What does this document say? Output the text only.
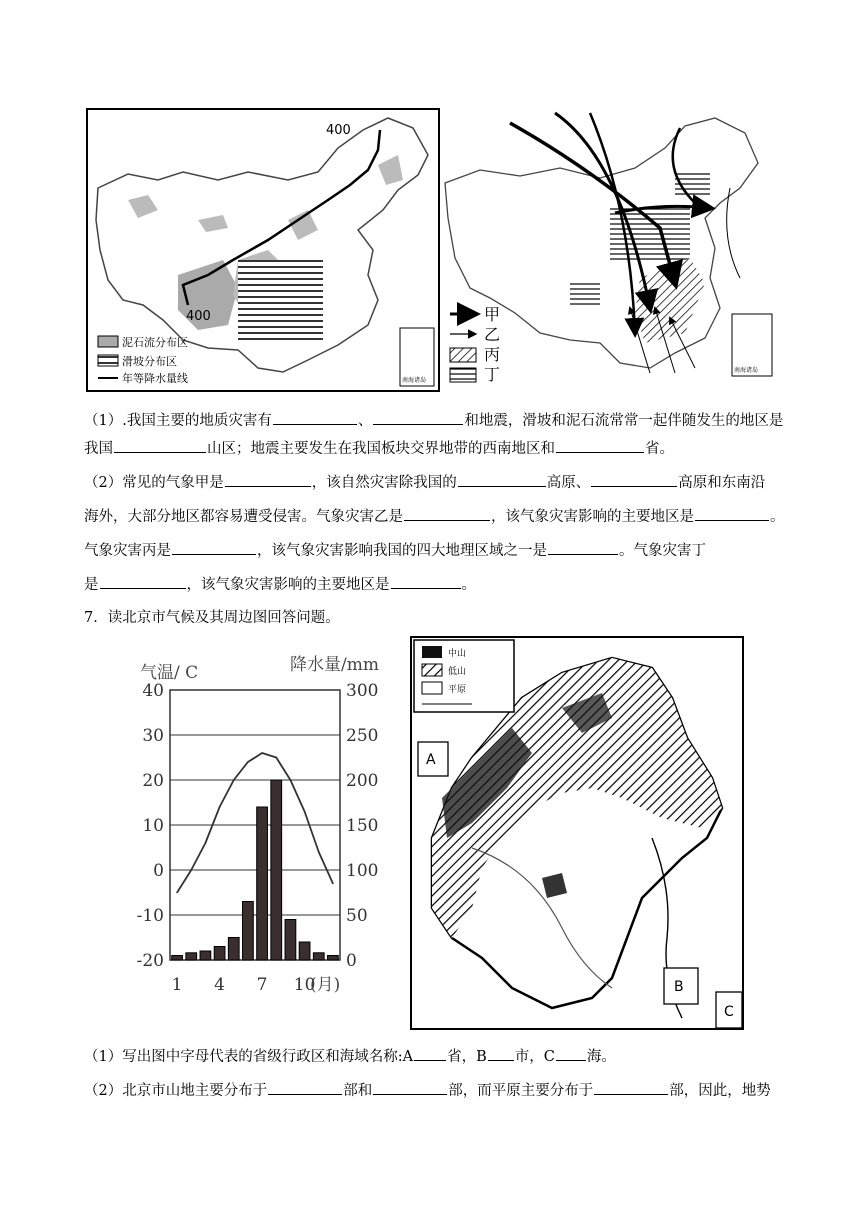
400
400
泥石流分布区
滑坡分布区
年等降水量线	南海诸岛
甲
乙
丙
丁	南海诸岛
（1）.我国主要的地质灾害有	、	和地震，滑坡和泥石流常常一起伴随发生的地区是
我国	山区；地震主要发生在我国板块交界地带的西南地区和	省。
（2）常见的气象甲是	，该自然灾害除我国的	高原、	高原和东南沿
海外，大部分地区都容易遭受侵害。气象灾害乙是	，该气象灾害影响的主要地区是	。
气象灾害丙是	，该气象灾害影响我国的四大地理区域之一是	。气象灾害丁
是	，该气象灾害影响的主要地区是	。
7．读北京市气候及其周边图回答问题。
气温/ C	降水量/mm
40
30
20
10
0
-10
-20
300
250
200
150
100
50
0
1 4 7 10
(月)
中山
低山
平原
A
B
C
（1）写出图中字母代表的省级行政区和海域名称:A 省，B 市，C 海。
（2）北京市山地主要分布于	部和	部，而平原主要分布于	部，因此，地势
